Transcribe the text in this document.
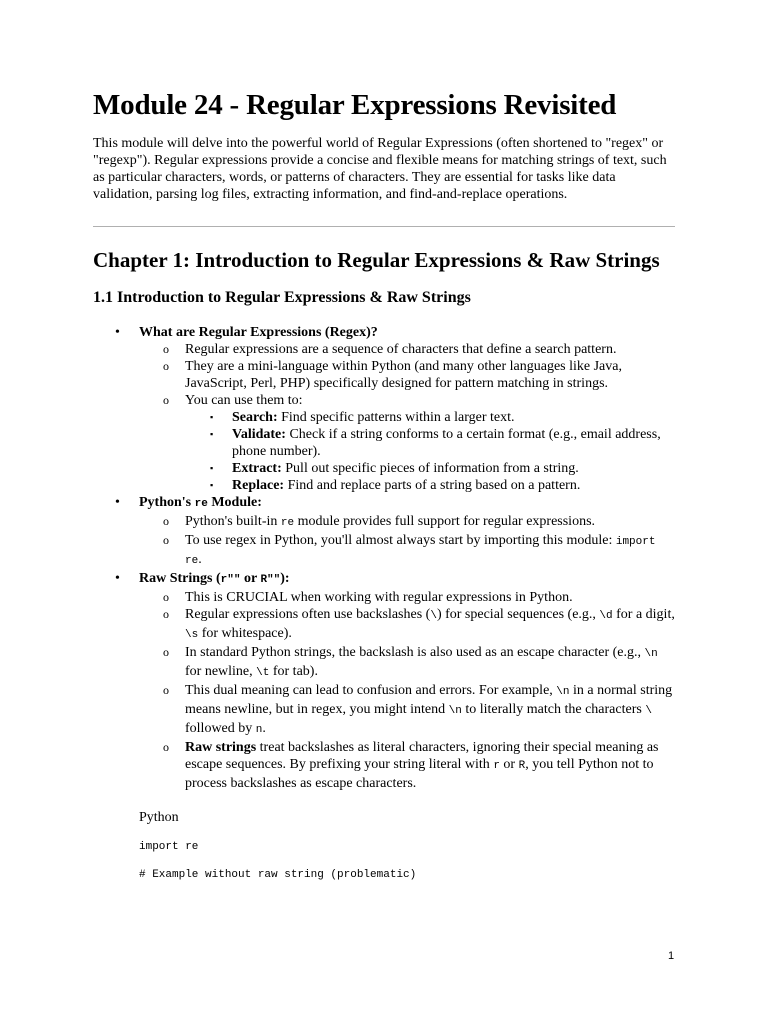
Module 24 - Regular Expressions Revisited

This module will delve into the powerful world of Regular Expressions (often shortened to "regex" or "regexp"). Regular expressions provide a concise and flexible means for matching strings of text, such as particular characters, words, or patterns of characters. They are essential for tasks like data validation, parsing log files, extracting information, and find-and-replace operations.

Chapter 1: Introduction to Regular Expressions & Raw Strings
1.1 Introduction to Regular Expressions & Raw Strings
• What are Regular Expressions (Regex)?
o Regular expressions are a sequence of characters that define a search pattern.
o They are a mini-language within Python (and many other languages like Java, JavaScript, Perl, PHP) specifically designed for pattern matching in strings.
o You can use them to:
▪ Search: Find specific patterns within a larger text.
▪ Validate: Check if a string conforms to a certain format (e.g., email address, phone number).
▪ Extract: Pull out specific pieces of information from a string.
▪ Replace: Find and replace parts of a string based on a pattern.
• Python's re Module:
o Python's built-in re module provides full support for regular expressions.
o To use regex in Python, you'll almost always start by importing this module: import re.
• Raw Strings (r"" or R""):
o This is CRUCIAL when working with regular expressions in Python.
o Regular expressions often use backslashes (\) for special sequences (e.g., \d for a digit, \s for whitespace).
o In standard Python strings, the backslash is also used as an escape character (e.g., \n for newline, \t for tab).
o This dual meaning can lead to confusion and errors. For example, \n in a normal string means newline, but in regex, you might intend \n to literally match the characters \ followed by n.
o Raw strings treat backslashes as literal characters, ignoring their special meaning as escape sequences. By prefixing your string literal with r or R, you tell Python not to process backslashes as escape characters.
Python
import re
# Example without raw string (problematic)
1
